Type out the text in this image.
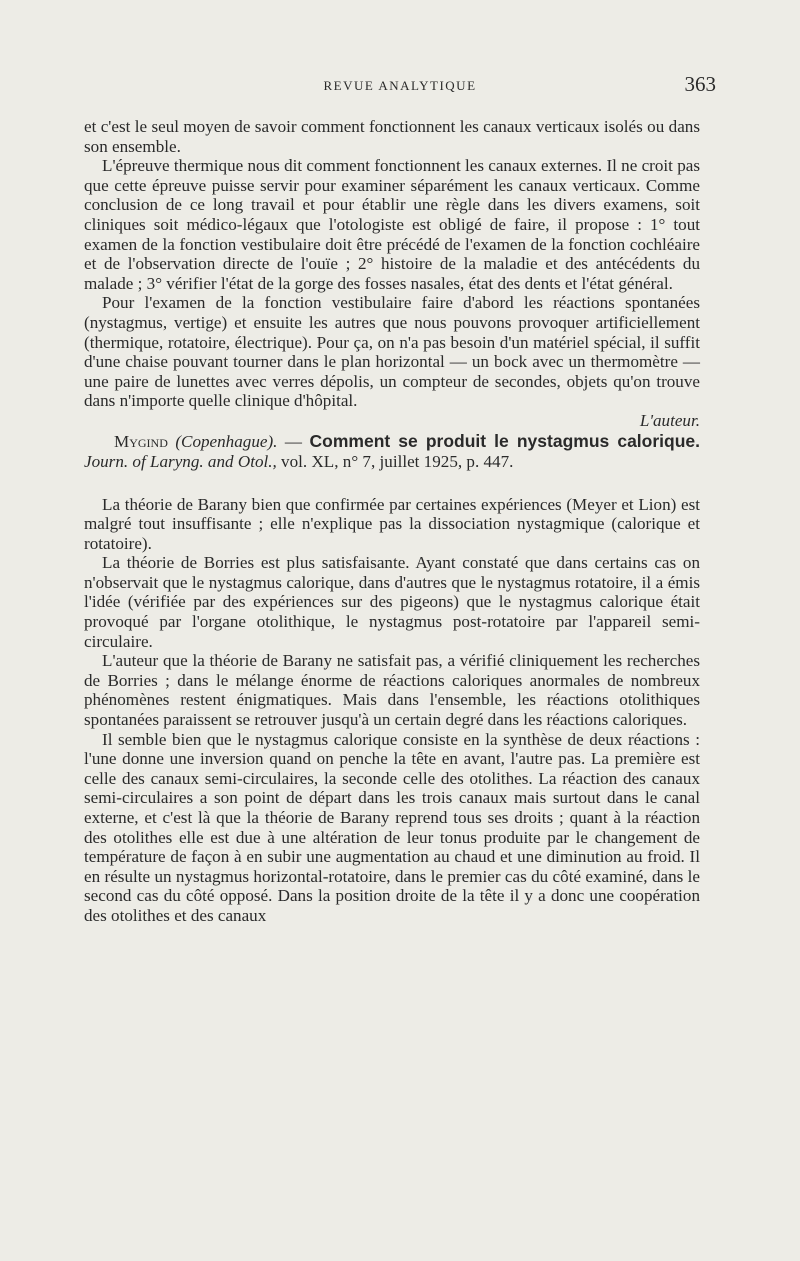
REVUE ANALYTIQUE	363

et c'est le seul moyen de savoir comment fonctionnent les canaux verticaux isolés ou dans son ensemble.

L'épreuve thermique nous dit comment fonctionnent les canaux externes. Il ne croit pas que cette épreuve puisse servir pour examiner séparément les canaux verticaux. Comme conclusion de ce long travail et pour établir une règle dans les divers examens, soit cliniques soit médico-légaux que l'otologiste est obligé de faire, il propose : 1° tout examen de la fonction vestibulaire doit être précédé de l'examen de la fonction cochléaire et de l'observation directe de l'ouïe ; 2° histoire de la maladie et des antécédents du malade ; 3° vérifier l'état de la gorge des fosses nasales, état des dents et l'état général.

Pour l'examen de la fonction vestibulaire faire d'abord les réactions spontanées (nystagmus, vertige) et ensuite les autres que nous pouvons provoquer artificiellement (thermique, rotatoire, électrique). Pour ça, on n'a pas besoin d'un matériel spécial, il suffit d'une chaise pouvant tourner dans le plan horizontal — un bock avec un thermomètre — une paire de lunettes avec verres dépolis, un compteur de secondes, objets qu'on trouve dans n'importe quelle clinique d'hôpital.

L'auteur.

Mygind (Copenhague). — Comment se produit le nystagmus calorique. Journ. of Laryng. and Otol., vol. XL, n° 7, juillet 1925, p. 447.

La théorie de Barany bien que confirmée par certaines expériences (Meyer et Lion) est malgré tout insuffisante ; elle n'explique pas la dissociation nystagmique (calorique et rotatoire).

La théorie de Borries est plus satisfaisante. Ayant constaté que dans certains cas on n'observait que le nystagmus calorique, dans d'autres que le nystagmus rotatoire, il a émis l'idée (vérifiée par des expériences sur des pigeons) que le nystagmus calorique était provoqué par l'organe otolithique, le nystagmus post-rotatoire par l'appareil semi-circulaire.

L'auteur que la théorie de Barany ne satisfait pas, a vérifié cliniquement les recherches de Borries ; dans le mélange énorme de réactions caloriques anormales de nombreux phénomènes restent énigmatiques. Mais dans l'ensemble, les réactions otolithiques spontanées paraissent se retrouver jusqu'à un certain degré dans les réactions caloriques.

Il semble bien que le nystagmus calorique consiste en la synthèse de deux réactions : l'une donne une inversion quand on penche la tête en avant, l'autre pas. La première est celle des canaux semi-circulaires, la seconde celle des otolithes. La réaction des canaux semi-circulaires a son point de départ dans les trois canaux mais surtout dans le canal externe, et c'est là que la théorie de Barany reprend tous ses droits ; quant à la réaction des otolithes elle est due à une altération de leur tonus produite par le changement de température de façon à en subir une augmentation au chaud et une diminution au froid. Il en résulte un nystagmus horizontal-rotatoire, dans le premier cas du côté examiné, dans le second cas du côté opposé. Dans la position droite de la tête il y a donc une coopération des otolithes et des canaux
